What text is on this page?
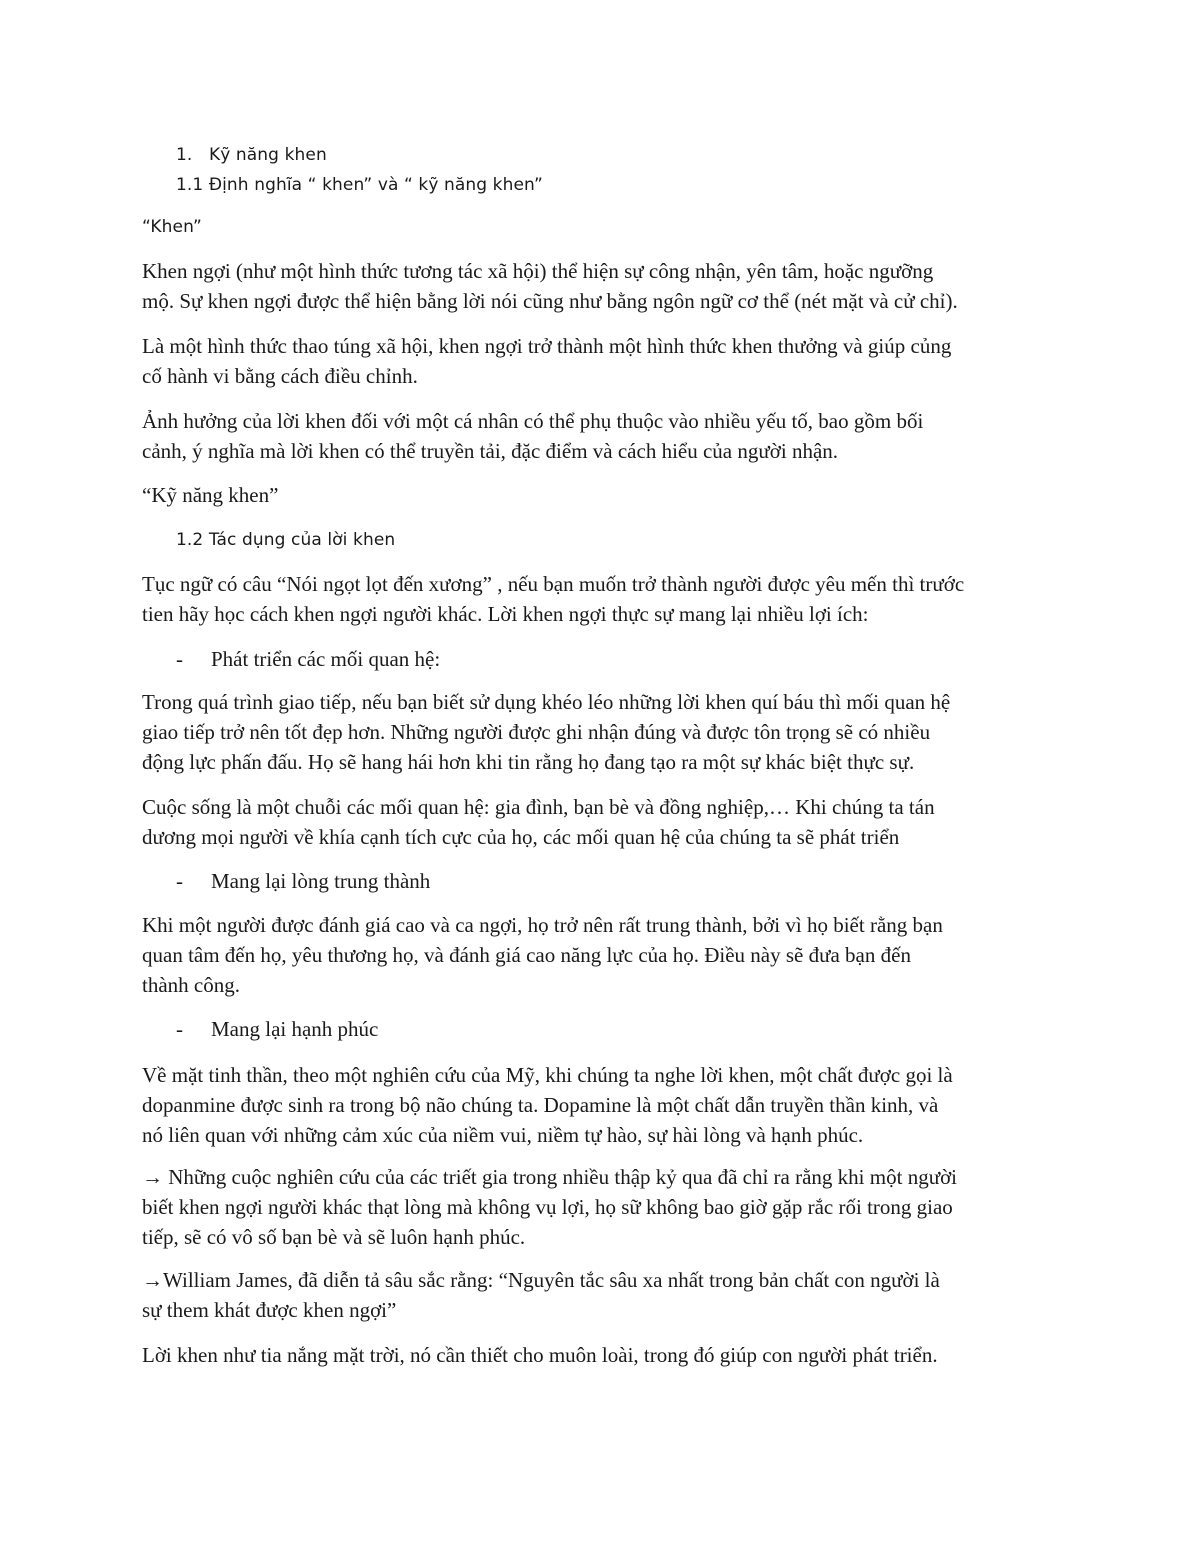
1. Kỹ năng khen

1.1 Định nghĩa “ khen” và “ kỹ năng khen”

“Khen”

Khen ngợi (như một hình thức tương tác xã hội) thể hiện sự công nhận, yên tâm, hoặc ngưỡng

mộ. Sự khen ngợi được thể hiện bằng lời nói cũng như bằng ngôn ngữ cơ thể (nét mặt và cử chỉ).

Là một hình thức thao túng xã hội, khen ngợi trở thành một hình thức khen thưởng và giúp củng

cố hành vi bằng cách điều chỉnh.

Ảnh hưởng của lời khen đối với một cá nhân có thể phụ thuộc vào nhiều yếu tố, bao gồm bối

cảnh, ý nghĩa mà lời khen có thể truyền tải, đặc điểm và cách hiểu của người nhận.

“Kỹ năng khen”

1.2 Tác dụng của lời khen

Tục ngữ có câu “Nói ngọt lọt đến xương” , nếu bạn muốn trở thành người được yêu mến thì trước

tien hãy học cách khen ngợi người khác. Lời khen ngợi thực sự mang lại nhiều lợi ích:

- Phát triển các mối quan hệ:

Trong quá trình giao tiếp, nếu bạn biết sử dụng khéo léo những lời khen quí báu thì mối quan hệ

giao tiếp trở nên tốt đẹp hơn. Những người được ghi nhận đúng và được tôn trọng sẽ có nhiều

động lực phấn đấu. Họ sẽ hang hái hơn khi tin rằng họ đang tạo ra một sự khác biệt thực sự.

Cuộc sống là một chuỗi các mối quan hệ: gia đình, bạn bè và đồng nghiệp,… Khi chúng ta tán

dương mọi người về khía cạnh tích cực của họ, các mối quan hệ của chúng ta sẽ phát triển

- Mang lại lòng trung thành

Khi một người được đánh giá cao và ca ngợi, họ trở nên rất trung thành, bởi vì họ biết rằng bạn

quan tâm đến họ, yêu thương họ, và đánh giá cao năng lực của họ. Điều này sẽ đưa bạn đến

thành công.

- Mang lại hạnh phúc

Về mặt tinh thần, theo một nghiên cứu của Mỹ, khi chúng ta nghe lời khen, một chất được gọi là

dopanmine được sinh ra trong bộ não chúng ta. Dopamine là một chất dẫn truyền thần kinh, và

nó liên quan với những cảm xúc của niềm vui, niềm tự hào, sự hài lòng và hạnh phúc.

→ Những cuộc nghiên cứu của các triết gia trong nhiều thập kỷ qua đã chỉ ra rằng khi một người

biết khen ngợi người khác thạt lòng mà không vụ lợi, họ sữ không bao giờ gặp rắc rối trong giao

tiếp, sẽ có vô số bạn bè và sẽ luôn hạnh phúc.

→William James, đã diễn tả sâu sắc rằng: “Nguyên tắc sâu xa nhất trong bản chất con người là

sự them khát được khen ngợi”

Lời khen như tia nắng mặt trời, nó cần thiết cho muôn loài, trong đó giúp con người phát triển.
